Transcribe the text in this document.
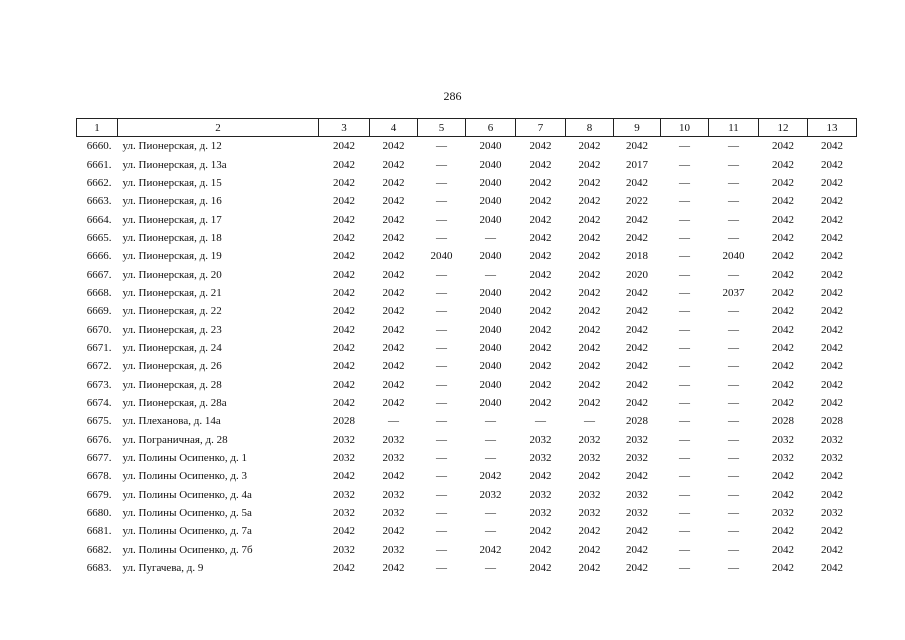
286
1	2	3	4	5	6	7	8	9	10	11	12	13
6660.	ул. Пионерская, д. 12	2042	2042	—	2040	2042	2042	2042	—	—	2042	2042
6661.	ул. Пионерская, д. 13а	2042	2042	—	2040	2042	2042	2017	—	—	2042	2042
6662.	ул. Пионерская, д. 15	2042	2042	—	2040	2042	2042	2042	—	—	2042	2042
6663.	ул. Пионерская, д. 16	2042	2042	—	2040	2042	2042	2022	—	—	2042	2042
6664.	ул. Пионерская, д. 17	2042	2042	—	2040	2042	2042	2042	—	—	2042	2042
6665.	ул. Пионерская, д. 18	2042	2042	—	—	2042	2042	2042	—	—	2042	2042
6666.	ул. Пионерская, д. 19	2042	2042	2040	2040	2042	2042	2018	—	2040	2042	2042
6667.	ул. Пионерская, д. 20	2042	2042	—	—	2042	2042	2020	—	—	2042	2042
6668.	ул. Пионерская, д. 21	2042	2042	—	2040	2042	2042	2042	—	2037	2042	2042
6669.	ул. Пионерская, д. 22	2042	2042	—	2040	2042	2042	2042	—	—	2042	2042
6670.	ул. Пионерская, д. 23	2042	2042	—	2040	2042	2042	2042	—	—	2042	2042
6671.	ул. Пионерская, д. 24	2042	2042	—	2040	2042	2042	2042	—	—	2042	2042
6672.	ул. Пионерская, д. 26	2042	2042	—	2040	2042	2042	2042	—	—	2042	2042
6673.	ул. Пионерская, д. 28	2042	2042	—	2040	2042	2042	2042	—	—	2042	2042
6674.	ул. Пионерская, д. 28а	2042	2042	—	2040	2042	2042	2042	—	—	2042	2042
6675.	ул. Плеханова, д. 14а	2028	—	—	—	—	—	2028	—	—	2028	2028
6676.	ул. Пограничная, д. 28	2032	2032	—	—	2032	2032	2032	—	—	2032	2032
6677.	ул. Полины Осипенко, д. 1	2032	2032	—	—	2032	2032	2032	—	—	2032	2032
6678.	ул. Полины Осипенко, д. 3	2042	2042	—	2042	2042	2042	2042	—	—	2042	2042
6679.	ул. Полины Осипенко, д. 4а	2032	2032	—	2032	2032	2032	2032	—	—	2042	2042
6680.	ул. Полины Осипенко, д. 5а	2032	2032	—	—	2032	2032	2032	—	—	2032	2032
6681.	ул. Полины Осипенко, д. 7а	2042	2042	—	—	2042	2042	2042	—	—	2042	2042
6682.	ул. Полины Осипенко, д. 7б	2032	2032	—	2042	2042	2042	2042	—	—	2042	2042
6683.	ул. Пугачева, д. 9	2042	2042	—	—	2042	2042	2042	—	—	2042	2042
